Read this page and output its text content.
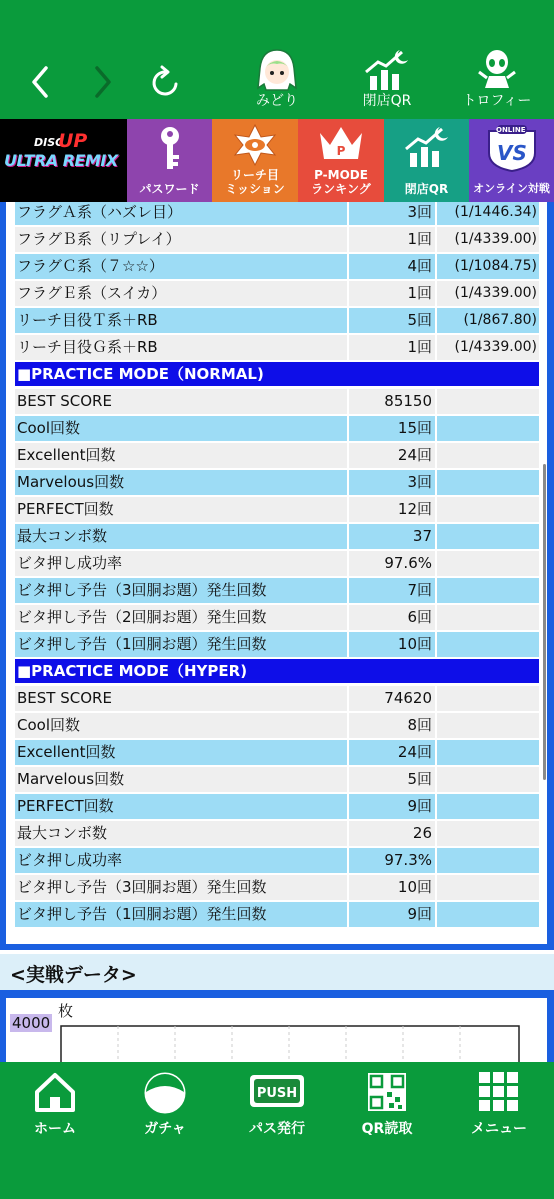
みどり	閉店QR	トロフィー
DISC
UP
ULTRA REMIX
パスワード
リーチ目
ミッション
P
P-MODE
ランキング	閉店QR
VS
ONLINE
オンライン対戦
フラグＡ系（ハズレ目）	3回	(1/1446.34)
フラグＢ系（リプレイ）	1回	(1/4339.00)
フラグＣ系（７☆☆）	4回	(1/1084.75)
フラグＥ系（スイカ）	1回	(1/4339.00)
リーチ目役Ｔ系＋RB	5回	(1/867.80)
リーチ目役Ｇ系＋RB	1回	(1/4339.00)
■PRACTICE MODE（NORMAL)
BEST SCORE	85150
Cool回数	15回
Excellent回数	24回
Marvelous回数	3回
PERFECT回数	12回
最大コンボ数	37
ビタ押し成功率	97.6%
ビタ押し予告（3回胴お題）発生回数	7回
ビタ押し予告（2回胴お題）発生回数	6回
ビタ押し予告（1回胴お題）発生回数	10回
■PRACTICE MODE（HYPER)
BEST SCORE	74620
Cool回数	8回
Excellent回数	24回
Marvelous回数	5回
PERFECT回数	9回
最大コンボ数	26
ビタ押し成功率	97.3%
ビタ押し予告（3回胴お題）発生回数	10回
ビタ押し予告（1回胴お題）発生回数	9回
<実戦データ>
枚
4000
ホーム	ガチャ
PUSH
パス発行	QR読取	メニュー
